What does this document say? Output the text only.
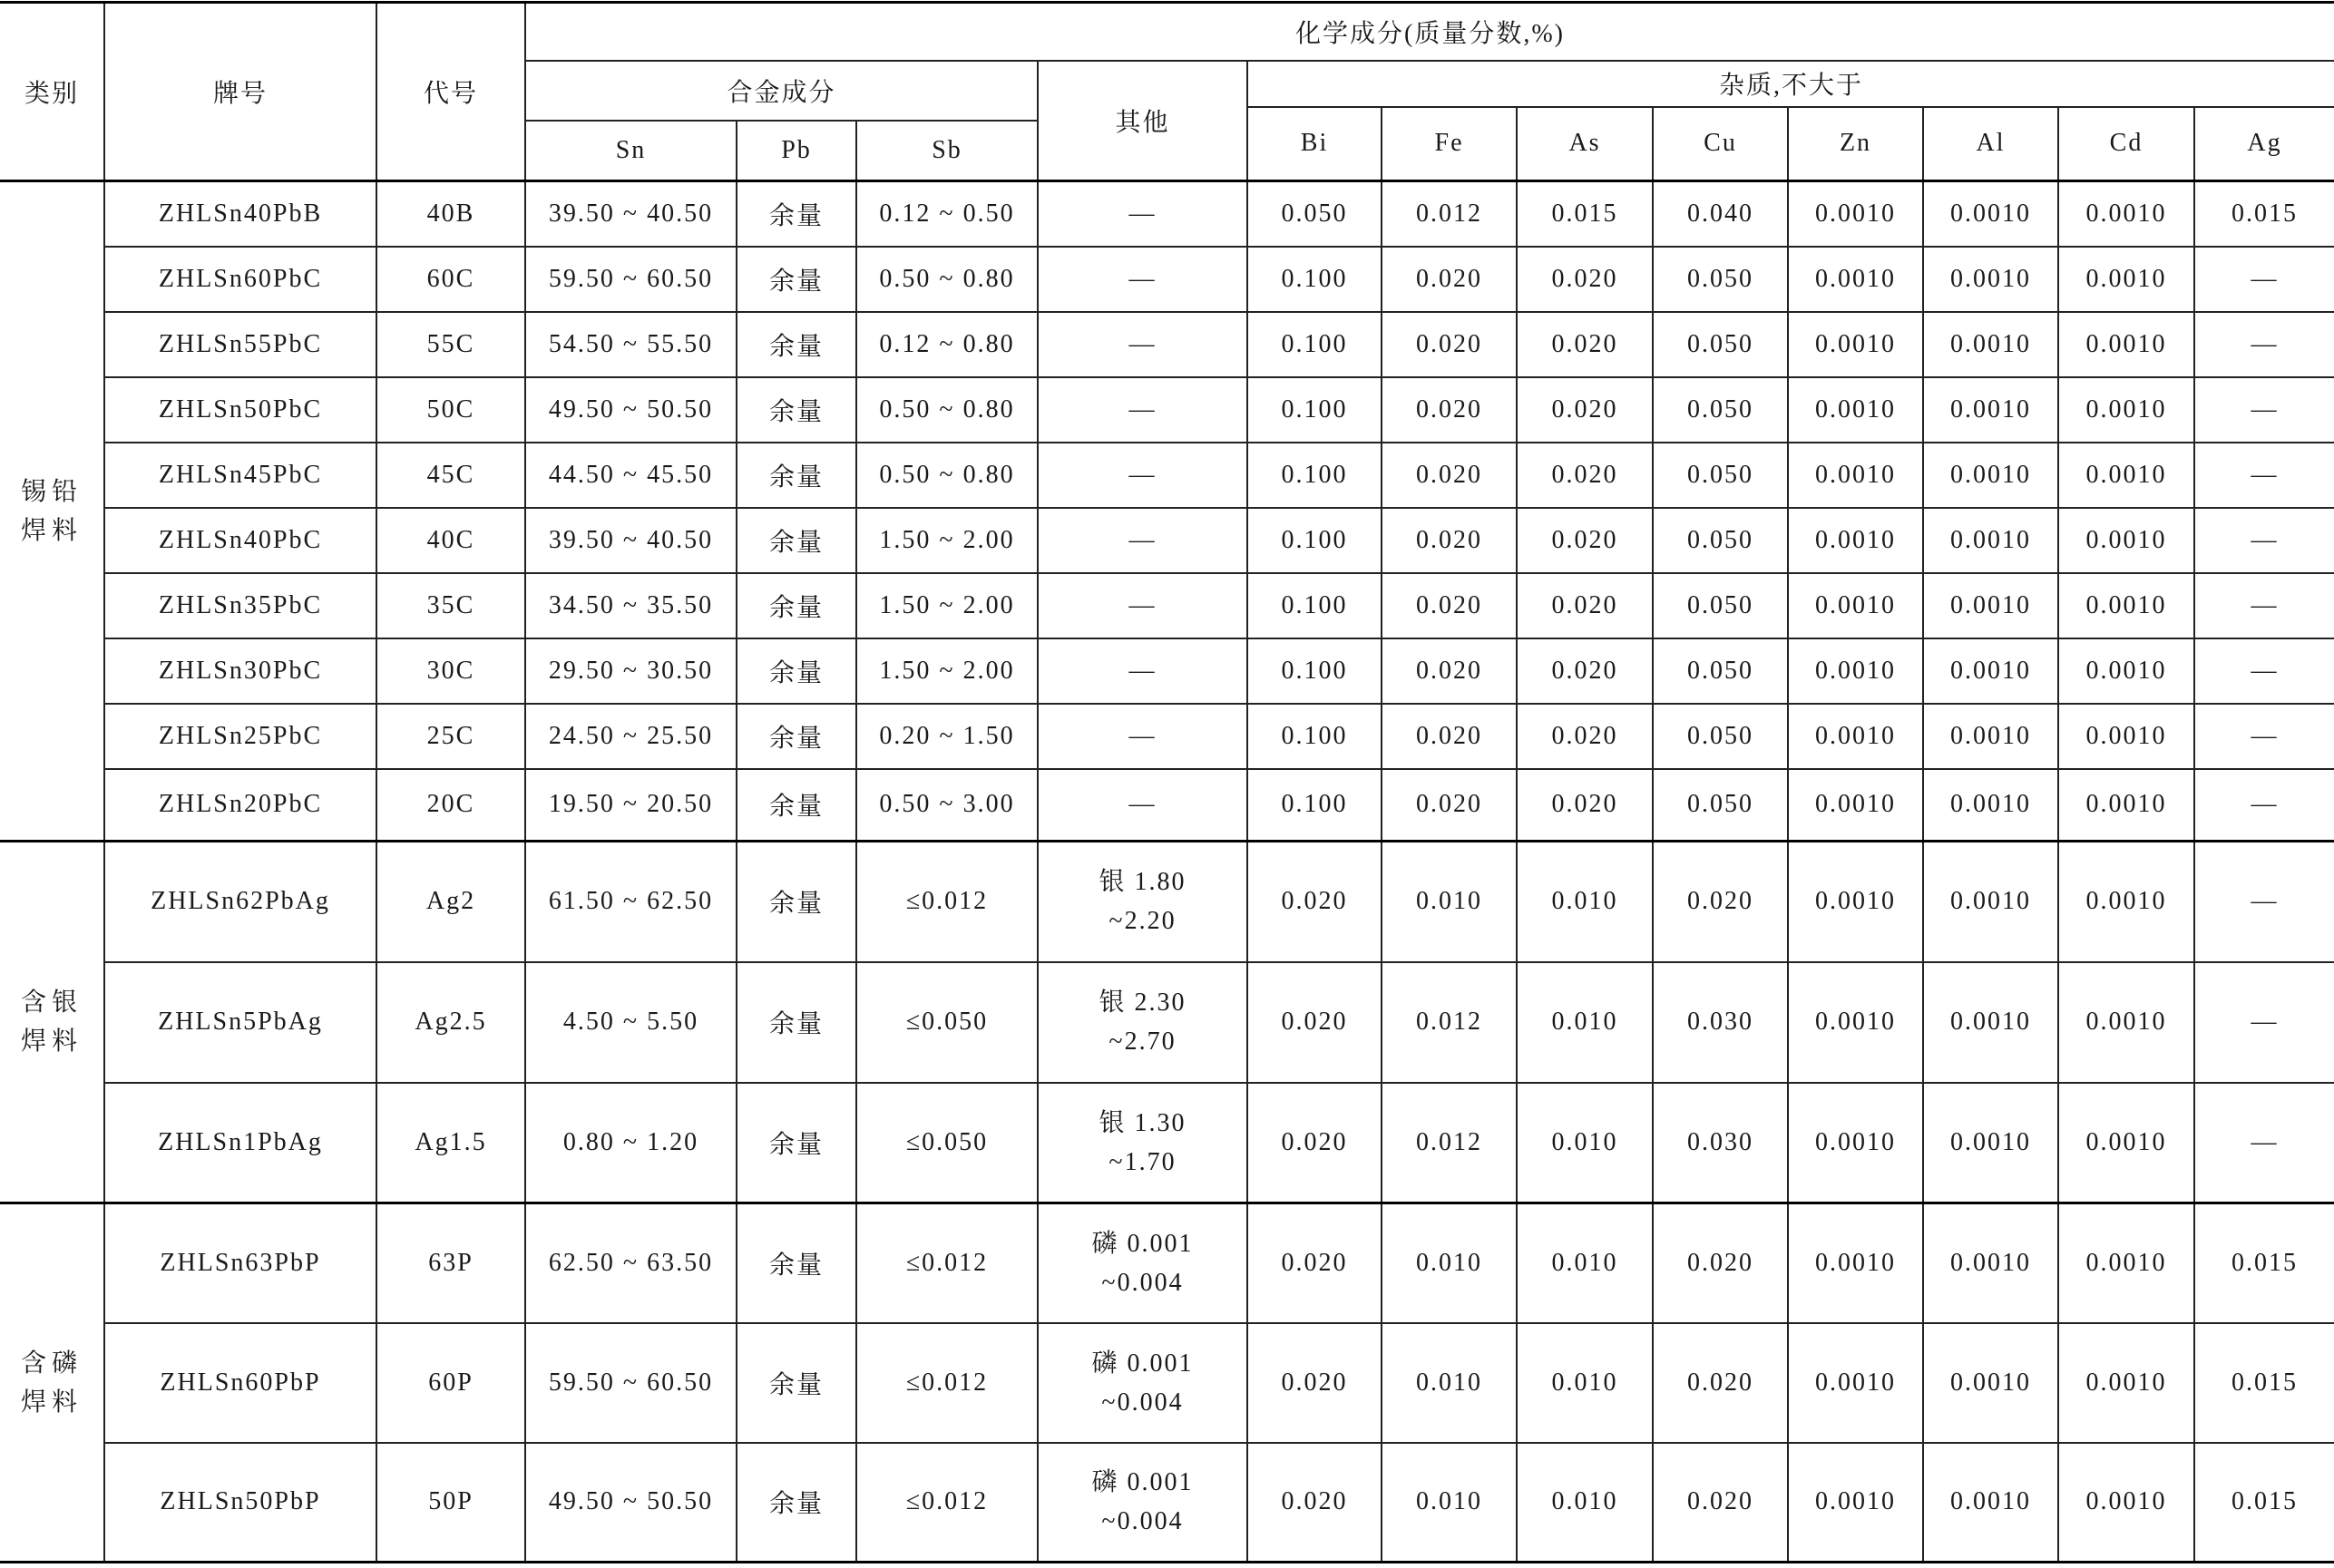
类别	牌号	代号	化学成分(质量分数,%)											
			合金成分			其他	杂质,不大于							
							Bi	Fe	As	Cu	Zn	Al	Cd	Ag
			Sn	Pb	Sb									

锡铅
焊料	ZHLSn40PbB	40B	39.50 ~ 40.50	余量	0.12 ~ 0.50	—	0.050	0.012	0.015	0.040	0.0010	0.0010	0.0010	0.015
	ZHLSn60PbC	60C	59.50 ~ 60.50	余量	0.50 ~ 0.80	—	0.100	0.020	0.020	0.050	0.0010	0.0010	0.0010	—
	ZHLSn55PbC	55C	54.50 ~ 55.50	余量	0.12 ~ 0.80	—	0.100	0.020	0.020	0.050	0.0010	0.0010	0.0010	—
	ZHLSn50PbC	50C	49.50 ~ 50.50	余量	0.50 ~ 0.80	—	0.100	0.020	0.020	0.050	0.0010	0.0010	0.0010	—
	ZHLSn45PbC	45C	44.50 ~ 45.50	余量	0.50 ~ 0.80	—	0.100	0.020	0.020	0.050	0.0010	0.0010	0.0010	—
	ZHLSn40PbC	40C	39.50 ~ 40.50	余量	1.50 ~ 2.00	—	0.100	0.020	0.020	0.050	0.0010	0.0010	0.0010	—
	ZHLSn35PbC	35C	34.50 ~ 35.50	余量	1.50 ~ 2.00	—	0.100	0.020	0.020	0.050	0.0010	0.0010	0.0010	—
	ZHLSn30PbC	30C	29.50 ~ 30.50	余量	1.50 ~ 2.00	—	0.100	0.020	0.020	0.050	0.0010	0.0010	0.0010	—
	ZHLSn25PbC	25C	24.50 ~ 25.50	余量	0.20 ~ 1.50	—	0.100	0.020	0.020	0.050	0.0010	0.0010	0.0010	—
	ZHLSn20PbC	20C	19.50 ~ 20.50	余量	0.50 ~ 3.00	—	0.100	0.020	0.020	0.050	0.0010	0.0010	0.0010	—

含银
焊料	ZHLSn62PbAg	Ag2	61.50 ~ 62.50	余量	≤0.012	银 1.80
~2.20	0.020	0.010	0.010	0.020	0.0010	0.0010	0.0010	—
	ZHLSn5PbAg	Ag2.5	4.50 ~ 5.50	余量	≤0.050	银 2.30
~2.70	0.020	0.012	0.010	0.030	0.0010	0.0010	0.0010	—
	ZHLSn1PbAg	Ag1.5	0.80 ~ 1.20	余量	≤0.050	银 1.30
~1.70	0.020	0.012	0.010	0.030	0.0010	0.0010	0.0010	—

含磷
焊料	ZHLSn63PbP	63P	62.50 ~ 63.50	余量	≤0.012	磷 0.001
~0.004	0.020	0.010	0.010	0.020	0.0010	0.0010	0.0010	0.015
	ZHLSn60PbP	60P	59.50 ~ 60.50	余量	≤0.012	磷 0.001
~0.004	0.020	0.010	0.010	0.020	0.0010	0.0010	0.0010	0.015
	ZHLSn50PbP	50P	49.50 ~ 50.50	余量	≤0.012	磷 0.001
~0.004	0.020	0.010	0.010	0.020	0.0010	0.0010	0.0010	0.015
